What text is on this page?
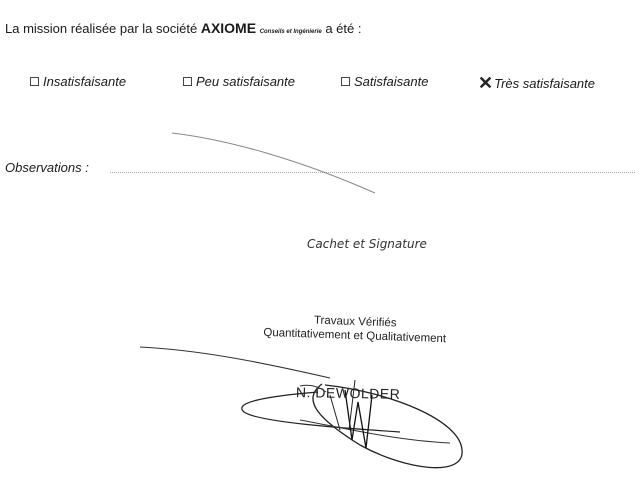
La mission réalisée par la société AXIOME Conseils et Ingénierie a été :
Insatisfaisante	Peu satisfaisante	Satisfaisante	✕ Très satisfaisante
Observations :
Cachet et Signature
Travaux Vérifiés
Quantitativement et Qualitativement
N. DEWOLDER
